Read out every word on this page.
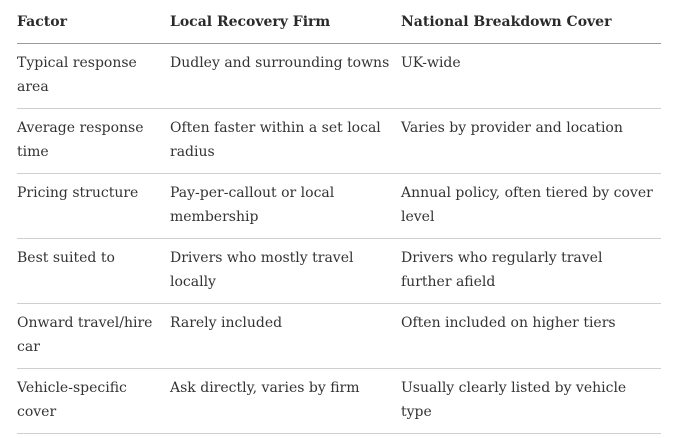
Factor	Local Recovery Firm	National Breakdown Cover

Typical response area	Dudley and surrounding towns	UK-wide

Average response time	Often faster within a set local radius	Varies by provider and location

Pricing structure	Pay-per-callout or local membership	Annual policy, often tiered by cover level

Best suited to	Drivers who mostly travel locally	Drivers who regularly travel further afield

Onward travel/hire car	Rarely included	Often included on higher tiers

Vehicle-specific cover	Ask directly, varies by firm	Usually clearly listed by vehicle type
